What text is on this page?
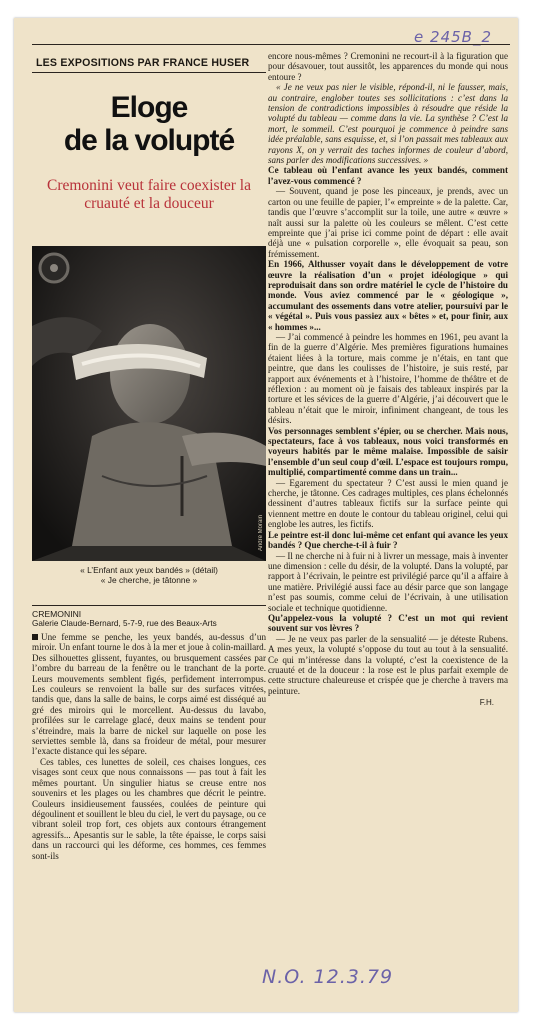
e 245B_2
LES EXPOSITIONS PAR FRANCE HUSER
Eloge
de la volupté
Cremonini veut faire coexister la cruauté et la douceur
André Morain
« L’Enfant aux yeux bandés » (détail)
« Je cherche, je tâtonne »
CREMONINI
Galerie Claude-Bernard, 5-7-9, rue des Beaux-Arts

Une femme se penche, les yeux bandés, au-dessus d’un miroir. Un enfant tourne le dos à la mer et joue à colin-maillard. Des silhouettes glissent, fuyantes, ou brusquement cassées par l’ombre du barreau de la fenêtre ou le tranchant de la porte. Leurs mouvements semblent figés, perfidement interrompus. Les couleurs se renvoient la balle sur des surfaces vitrées, tandis que, dans la salle de bains, le corps aimé est disséqué au gré des miroirs qui le morcellent. Au-dessus du lavabo, profilées sur le carrelage glacé, deux mains se tendent pour s’étreindre, mais la barre de nickel sur laquelle on pose les serviettes semble là, dans sa froideur de métal, pour mesurer l’exacte distance qui les sépare.

Ces tables, ces lunettes de soleil, ces chaises longues, ces visages sont ceux que nous connaissons — pas tout à fait les mêmes pourtant. Un singulier hiatus se creuse entre nos souvenirs et les plages ou les chambres que décrit le peintre. Couleurs insidieusement faussées, coulées de peinture qui dégoulinent et souillent le bleu du ciel, le vert du paysage, ou ce vibrant soleil trop fort, ces objets aux contours étrangement agressifs... Apesantis sur le sable, la tête épaisse, le corps saisi dans un raccourci qui les déforme, ces hommes, ces femmes sont-ils

encore nous-mêmes ? Cremonini ne recourt-il à la figuration que pour désavouer, tout aussitôt, les apparences du monde qui nous entoure ?

« Je ne veux pas nier le visible, répond-il, ni le fausser, mais, au contraire, englober toutes ses sollicitations : c’est dans la tension de contradictions impossibles à résoudre que réside la volupté du tableau — comme dans la vie. La synthèse ? C’est la mort, le sommeil. C’est pourquoi je commence à peindre sans idée préalable, sans esquisse, et, si l’on passait mes tableaux aux rayons X, on y verrait des taches informes de couleur d’abord, sans parler des modifications successives. »

Ce tableau où l’enfant avance les yeux bandés, comment l’avez-vous commencé ?

— Souvent, quand je pose les pinceaux, je prends, avec un carton ou une feuille de papier, l’« empreinte » de la palette. Car, tandis que l’œuvre s’accomplit sur la toile, une autre « œuvre » naît aussi sur la palette où les couleurs se mêlent. C’est cette empreinte que j’ai prise ici comme point de départ : elle avait déjà une « pulsation corporelle », elle évoquait sa peau, son frémissement.

En 1966, Althusser voyait dans le développement de votre œuvre la réalisation d’un « projet idéologique » qui reproduisait dans son ordre matériel le cycle de l’histoire du monde. Vous aviez commencé par le « géologique », accumulant des ossements dans votre atelier, poursuivi par le « végétal ». Puis vous passiez aux « bêtes » et, pour finir, aux « hommes »...

— J’ai commencé à peindre les hommes en 1961, peu avant la fin de la guerre d’Algérie. Mes premières figurations humaines étaient liées à la torture, mais comme je n’étais, en tant que peintre, que dans les coulisses de l’histoire, je suis resté, par rapport aux événements et à l’histoire, l’homme de théâtre et de réflexion : au moment où je faisais des tableaux inspirés par la torture et les sévices de la guerre d’Algérie, j’ai découvert que le tableau n’était que le miroir, infiniment changeant, de tous les désirs.

Vos personnages semblent s’épier, ou se chercher. Mais nous, spectateurs, face à vos tableaux, nous voici transformés en voyeurs habités par le même malaise. Impossible de saisir l’ensemble d’un seul coup d’œil. L’espace est toujours rompu, multiplié, compartimenté comme dans un train...

— Egarement du spectateur ? C’est aussi le mien quand je cherche, je tâtonne. Ces cadrages multiples, ces plans échelonnés dessinent d’autres tableaux fictifs sur la surface peinte qui viennent mettre en doute le contour du tableau originel, celui qui englobe les autres, les fictifs.

Le peintre est-il donc lui-même cet enfant qui avance les yeux bandés ? Que cherche-t-il à fuir ?

— Il ne cherche ni à fuir ni à livrer un message, mais à inventer une dimension : celle du désir, de la volupté. Dans la volupté, par rapport à l’écrivain, le peintre est privilégié parce qu’il a affaire à une matière. Privilégié aussi face au désir parce que son langage n’est pas soumis, comme celui de l’écrivain, à une utilisation sociale et technique quotidienne.

Qu’appelez-vous la volupté ? C’est un mot qui revient souvent sur vos lèvres ?

— Je ne veux pas parler de la sensualité — je déteste Rubens. A mes yeux, la volupté s’oppose du tout au tout à la sensualité. Ce qui m’intéresse dans la volupté, c’est la coexistence de la cruauté et de la douceur : la rose est le plus parfait exemple de cette structure chaleureuse et crispée que je cherche à travers ma peinture.

F.H.
N.O. 12.3.79
